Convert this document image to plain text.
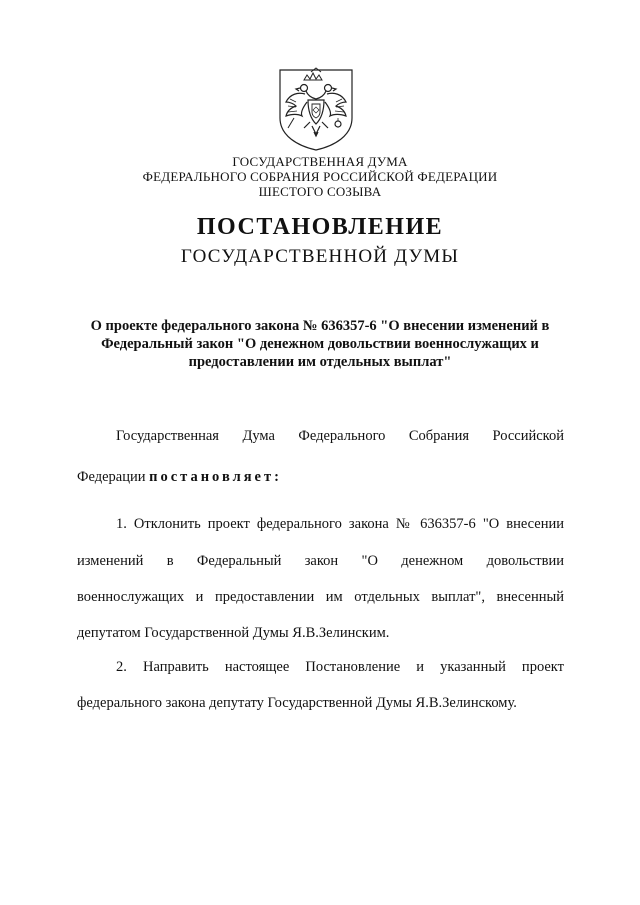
ГОСУДАРСТВЕННАЯ ДУМА
ФЕДЕРАЛЬНОГО СОБРАНИЯ РОССИЙСКОЙ ФЕДЕРАЦИИ
ШЕСТОГО СОЗЫВА
ПОСТАНОВЛЕНИЕ
ГОСУДАРСТВЕННОЙ ДУМЫ
О проекте федерального закона № 636357-6 "О внесении изменений в
Федеральный закон "О денежном довольствии военнослужащих и
предоставлении им отдельных выплат"
Государственная Дума Федерального Собрания Российской
Федерации постановляет:
1. Отклонить проект федерального закона № 636357-6 "О внесении
изменений в Федеральный закон "О денежном довольствии
военнослужащих и предоставлении им отдельных выплат", внесенный
депутатом Государственной Думы Я.В.Зелинским.
2. Направить настоящее Постановление и указанный проект
федерального закона депутату Государственной Думы Я.В.Зелинскому.
